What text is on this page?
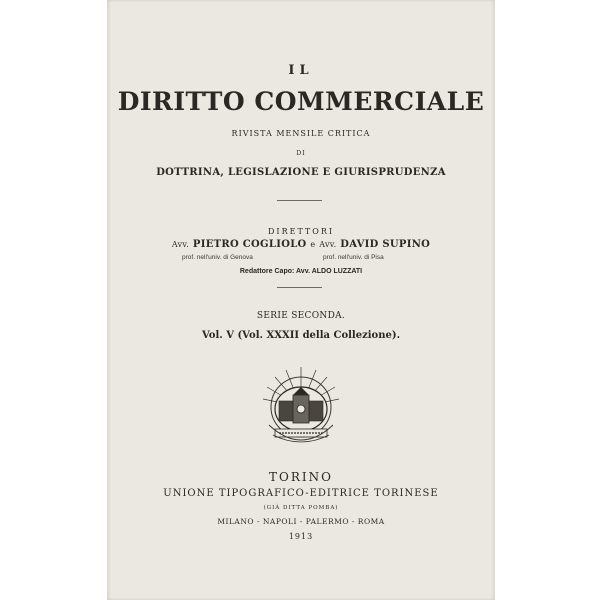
IL

DIRITTO COMMERCIALE

RIVISTA MENSILE CRITICA

DI

DOTTRINA, LEGISLAZIONE E GIURISPRUDENZA

DIRETTORI

Avv. PIETRO COGLIOLO e Avv. DAVID SUPINO

prof. nell'univ. di Genova	prof. nell'univ. di Pisa

Redattore Capo: Avv. ALDO LUZZATI

SERIE SECONDA.

Vol. V (Vol. XXXII della Collezione).

TORINO

UNIONE TIPOGRAFICO-EDITRICE TORINESE

(GIÀ DITTA POMBA)

MILANO - NAPOLI - PALERMO - ROMA

1913
